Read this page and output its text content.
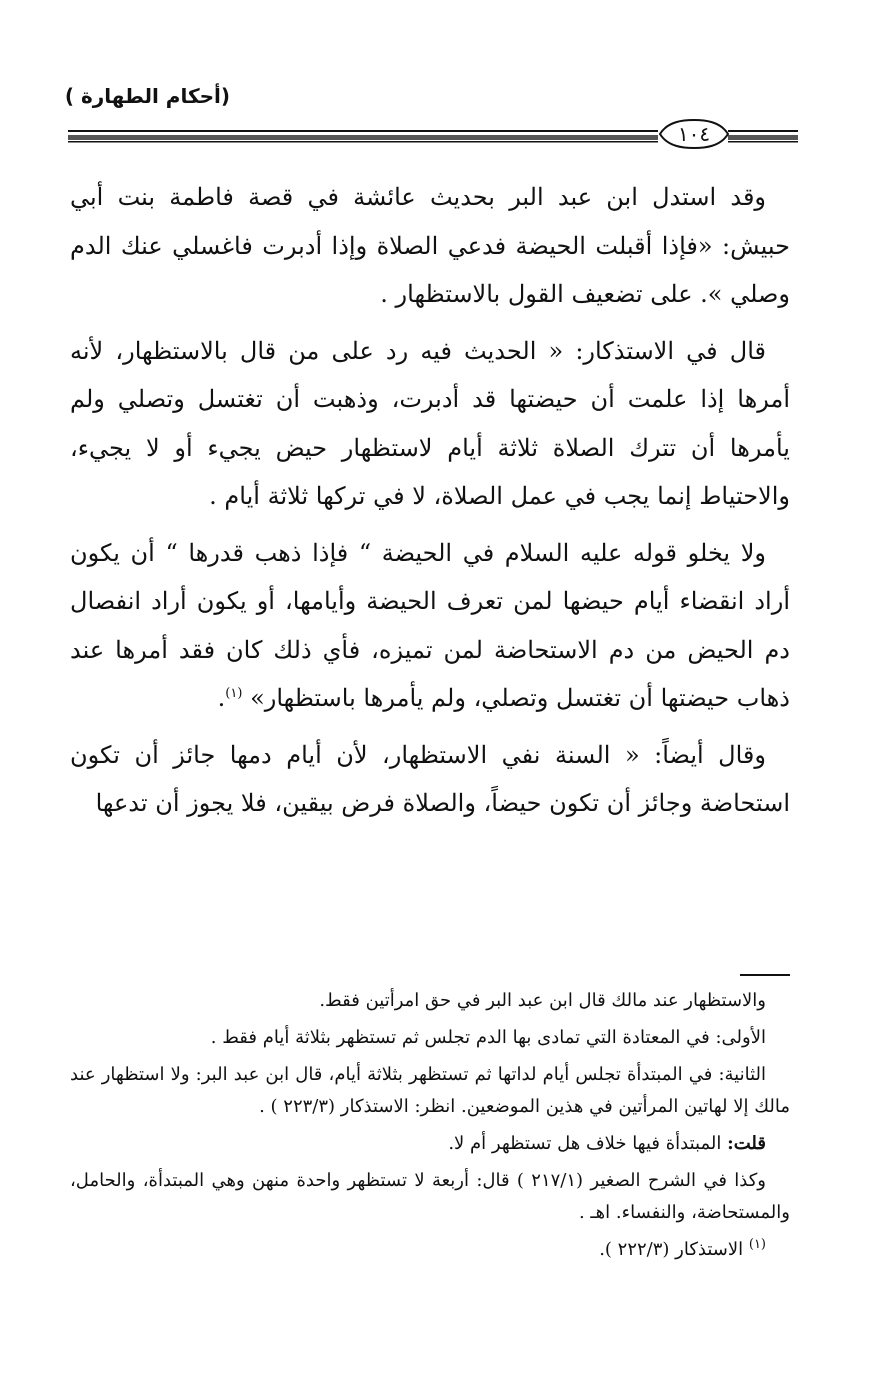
(أحكام الطهارة )
١٠٤

وقد استدل ابن عبد البر بحديث عائشة في قصة فاطمة بنت أبي حبيش: «فإذا أقبلت الحيضة فدعي الصلاة وإذا أدبرت فاغسلي عنك الدم وصلي ». على تضعيف القول بالاستظهار .

قال في الاستذكار: « الحديث فيه رد على من قال بالاستظهار، لأنه أمرها إذا علمت أن حيضتها قد أدبرت، وذهبت أن تغتسل وتصلي ولم يأمرها أن تترك الصلاة ثلاثة أيام لاستظهار حيض يجيء أو لا يجيء، والاحتياط إنما يجب في عمل الصلاة، لا في تركها ثلاثة أيام .

ولا يخلو قوله عليه السلام في الحيضة “ فإذا ذهب قدرها “ أن يكون أراد انقضاء أيام حيضها لمن تعرف الحيضة وأيامها، أو يكون أراد انفصال دم الحيض من دم الاستحاضة لمن تميزه، فأي ذلك كان فقد أمرها عند ذهاب حيضتها أن تغتسل وتصلي، ولم يأمرها باستظهار» $^{(١)}$.

وقال أيضاً: « السنة نفي الاستظهار، لأن أيام دمها جائز أن تكون استحاضة وجائز أن تكون حيضاً، والصلاة فرض بيقين، فلا يجوز أن تدعها

والاستظهار عند مالك قال ابن عبد البر في حق امرأتين فقط.

الأولى: في المعتادة التي تمادى بها الدم تجلس ثم تستظهر بثلاثة أيام فقط .

الثانية: في المبتدأة تجلس أيام لداتها ثم تستظهر بثلاثة أيام، قال ابن عبد البر: ولا استظهار عند مالك إلا لهاتين المرأتين في هذين الموضعين. انظر: الاستذكار (٢٢٣/٣ ) .

قلت: المبتدأة فيها خلاف هل تستظهر أم لا.

وكذا في الشرح الصغير (٢١٧/١ ) قال: أربعة لا تستظهر واحدة منهن وهي المبتدأة، والحامل، والمستحاضة، والنفساء. اهـ .

$^{(١)}$ الاستذكار (٢٢٢/٣ ).
